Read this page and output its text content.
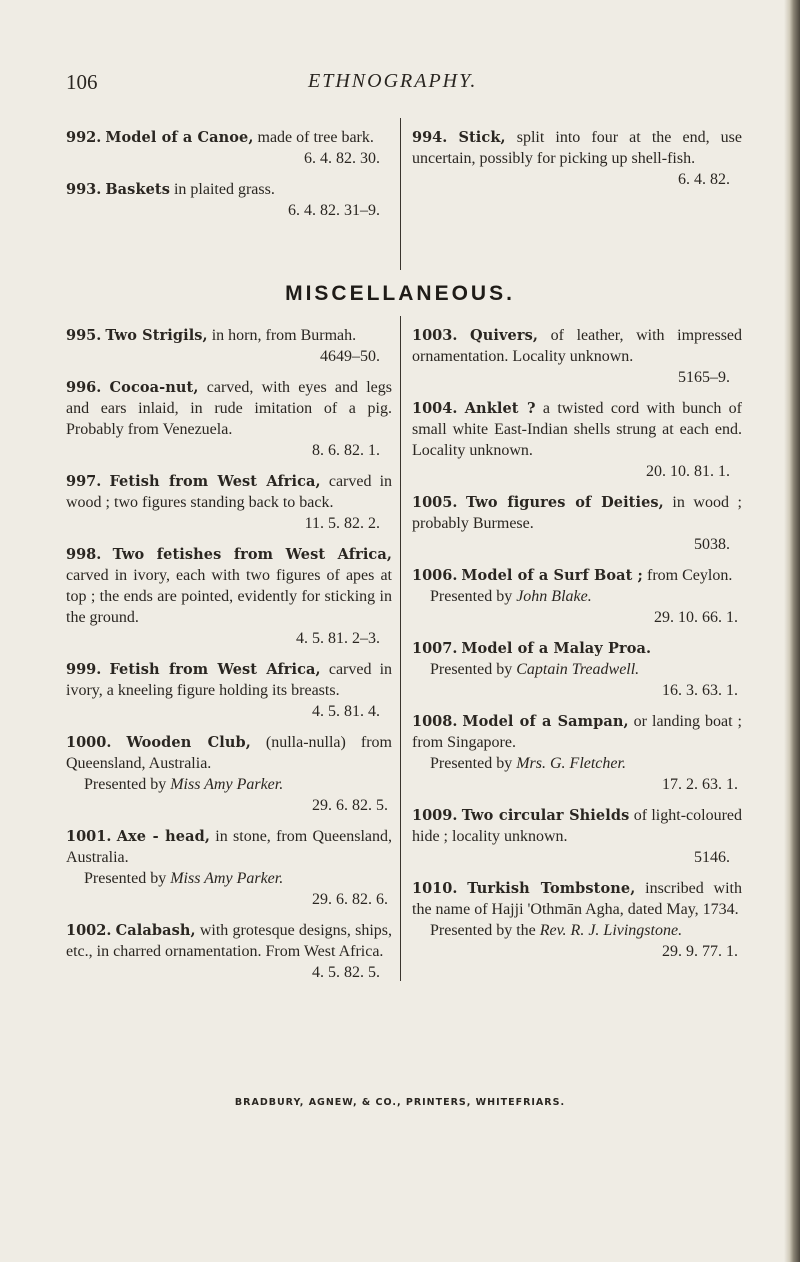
106	ETHNOGRAPHY.
992. Model of a Canoe, made of tree bark.
6. 4. 82. 30.
993. Baskets in plaited grass.
6. 4. 82. 31–9.
994. Stick, split into four at the end, use uncertain, possibly for picking up shell-fish.
6. 4. 82.
MISCELLANEOUS.
995. Two Strigils, in horn, from Burmah.
4649–50.
996. Cocoa-nut, carved, with eyes and legs and ears inlaid, in rude imitation of a pig. Probably from Venezuela.
8. 6. 82. 1.
997. Fetish from West Africa, carved in wood ; two figures standing back to back.
11. 5. 82. 2.
998. Two fetishes from West Africa, carved in ivory, each with two figures of apes at top ; the ends are pointed, evidently for sticking in the ground.
4. 5. 81. 2–3.
999. Fetish from West Africa, carved in ivory, a kneeling figure holding its breasts.
4. 5. 81. 4.
1000. Wooden Club, (nulla-nulla) from Queensland, Australia.
Presented by Miss Amy Parker.
29. 6. 82. 5.
1001. Axe - head, in stone, from Queensland, Australia.
Presented by Miss Amy Parker.
29. 6. 82. 6.
1002. Calabash, with grotesque designs, ships, etc., in charred ornamentation. From West Africa.
4. 5. 82. 5.
1003. Quivers, of leather, with impressed ornamentation. Locality unknown.
5165–9.
1004. Anklet ? a twisted cord with bunch of small white East-Indian shells strung at each end. Locality unknown.
20. 10. 81. 1.
1005. Two figures of Deities, in wood ; probably Burmese.
5038.
1006. Model of a Surf Boat ; from Ceylon.
Presented by John Blake.
29. 10. 66. 1.
1007. Model of a Malay Proa.
Presented by Captain Treadwell.
16. 3. 63. 1.
1008. Model of a Sampan, or landing boat ; from Singapore.
Presented by Mrs. G. Fletcher.
17. 2. 63. 1.
1009. Two circular Shields of light-coloured hide ; locality unknown.
5146.
1010. Turkish Tombstone, inscribed with the name of Hajji 'Othmān Agha, dated May, 1734.
Presented by the Rev. R. J. Livingstone.
29. 9. 77. 1.
BRADBURY, AGNEW, & CO., PRINTERS, WHITEFRIARS.
